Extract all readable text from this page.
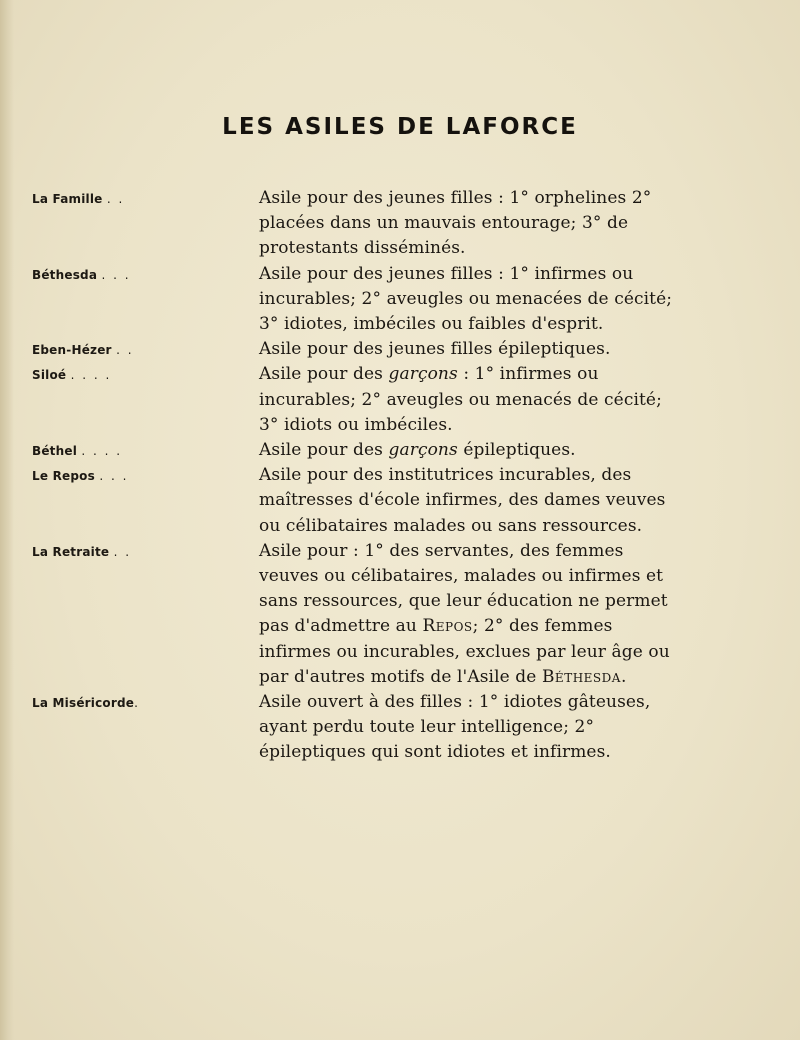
LES ASILES DE LAFORCE
La Famille . .	Asile pour des jeunes filles : 1° orphelines 2° placées dans un mauvais entourage; 3° de protestants disséminés.
Béthesda . . .	Asile pour des jeunes filles : 1° infirmes ou incurables; 2° aveugles ou menacées de cécité; 3° idiotes, imbéciles ou faibles d'esprit.
Eben-Hézer . .	Asile pour des jeunes filles épileptiques.
Siloé . . . .	Asile pour des garçons : 1° infirmes ou incurables; 2° aveugles ou menacés de cécité; 3° idiots ou imbéciles.
Béthel . . . .	Asile pour des garçons épileptiques.
Le Repos . . .	Asile pour des institutrices incurables, des maîtresses d'école infirmes, des dames veuves ou célibataires malades ou sans ressources.
La Retraite . .	Asile pour : 1° des servantes, des femmes veuves ou célibataires, malades ou infirmes et sans ressources, que leur éducation ne permet pas d'admettre au Repos; 2° des femmes infirmes ou incurables, exclues par leur âge ou par d'autres motifs de l'Asile de Béthesda.
La Miséricorde.	Asile ouvert à des filles : 1° idiotes gâteuses, ayant perdu toute leur intelligence; 2° épileptiques qui sont idiotes et infirmes.
